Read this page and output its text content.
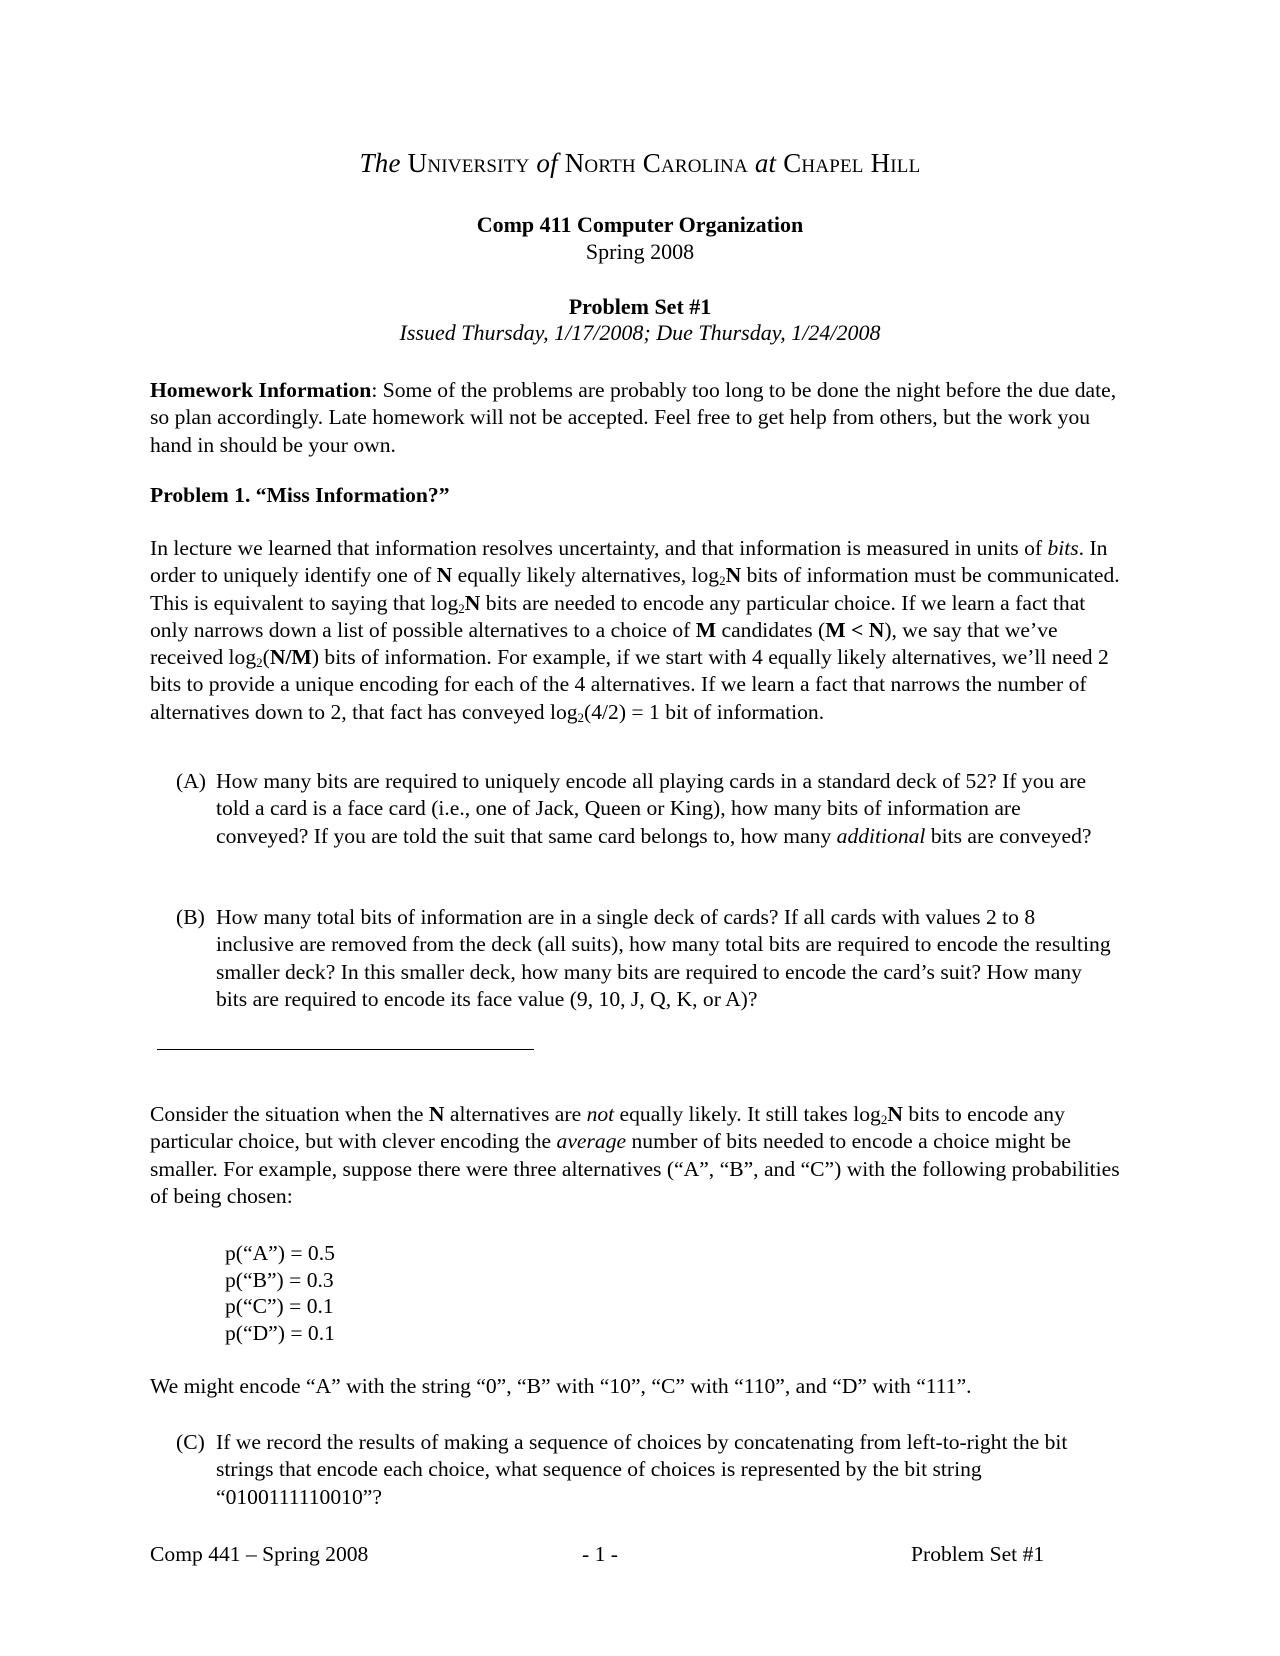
The University of North Carolina at Chapel Hill
Comp 411 Computer Organization
Spring 2008
Problem Set #1
Issued Thursday, 1/17/2008; Due Thursday, 1/24/2008
Homework Information: Some of the problems are probably too long to be done the night before the due date, so plan accordingly. Late homework will not be accepted. Feel free to get help from others, but the work you hand in should be your own.
Problem 1. “Miss Information?”
In lecture we learned that information resolves uncertainty, and that information is measured in units of bits. In order to uniquely identify one of N equally likely alternatives, $\log_2N$ bits of information must be communicated. This is equivalent to saying that $\log_2N$ bits are needed to encode any particular choice. If we learn a fact that only narrows down a list of possible alternatives to a choice of M candidates (M < N), we say that we’ve received $\log_2(N/M)$ bits of information. For example, if we start with 4 equally likely alternatives, we’ll need 2 bits to provide a unique encoding for each of the 4 alternatives. If we learn a fact that narrows the number of alternatives down to 2, that fact has conveyed $\log_2(4/2) = 1$ bit of information.
(A) How many bits are required to uniquely encode all playing cards in a standard deck of 52? If you are told a card is a face card (i.e., one of Jack, Queen or King), how many bits of information are conveyed? If you are told the suit that same card belongs to, how many additional bits are conveyed?
(B) How many total bits of information are in a single deck of cards? If all cards with values 2 to 8 inclusive are removed from the deck (all suits), how many total bits are required to encode the resulting smaller deck? In this smaller deck, how many bits are required to encode the card’s suit? How many bits are required to encode its face value (9, 10, J, Q, K, or A)?
Consider the situation when the N alternatives are not equally likely. It still takes $\log_2N$ bits to encode any particular choice, but with clever encoding the average number of bits needed to encode a choice might be smaller. For example, suppose there were three alternatives (“A”, “B”, and “C”) with the following probabilities of being chosen:
p(“A”) = 0.5
p(“B”) = 0.3
p(“C”) = 0.1
p(“D”) = 0.1
We might encode “A” with the string “0”, “B” with “10”, “C” with “110”, and “D” with “111”.
(C) If we record the results of making a sequence of choices by concatenating from left-to-right the bit strings that encode each choice, what sequence of choices is represented by the bit string “0100111110010”?
Comp 441 – Spring 2008	- 1 -	Problem Set #1
